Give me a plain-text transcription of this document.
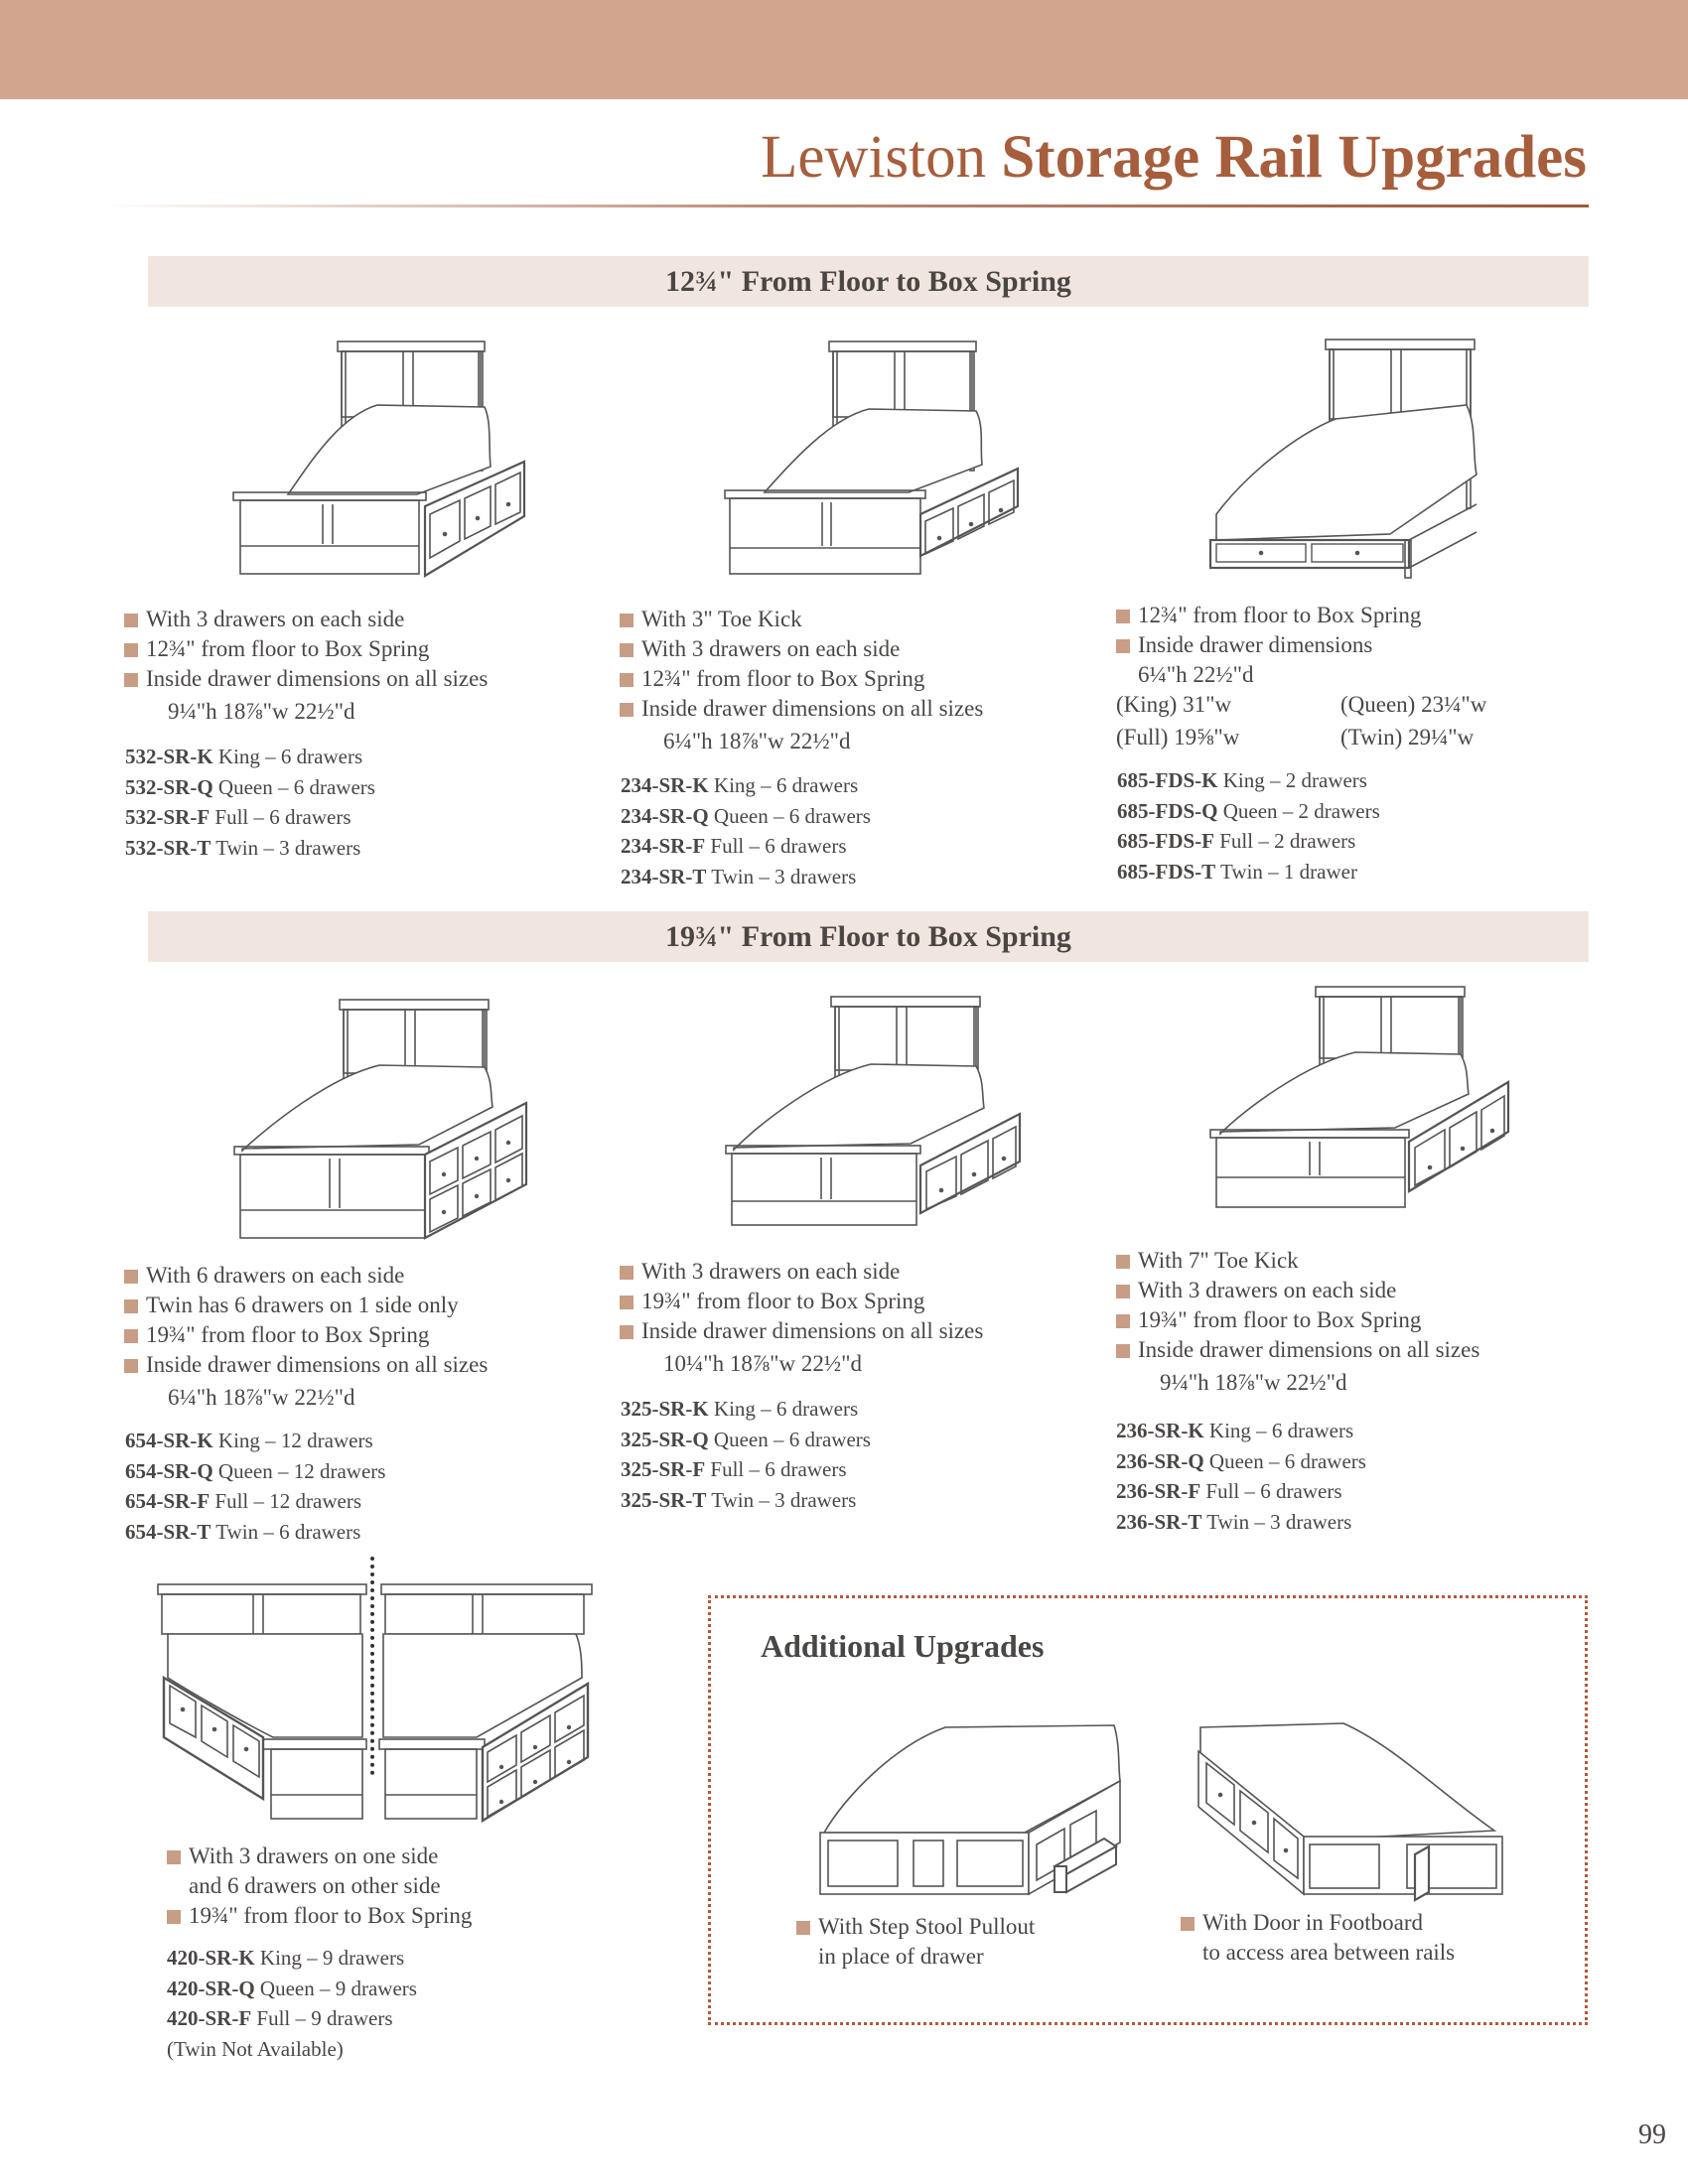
Lewiston Storage Rail Upgrades
12¾" From Floor to Box Spring
With 3 drawers on each side
12¾" from floor to Box Spring
Inside drawer dimensions on all sizes
9¼"h 18⅞"w 22½"d
532-SR-K King – 6 drawers
532-SR-Q Queen – 6 drawers
532-SR-F Full – 6 drawers
532-SR-T Twin – 3 drawers
With 3" Toe Kick
With 3 drawers on each side
12¾" from floor to Box Spring
Inside drawer dimensions on all sizes
6¼"h 18⅞"w 22½"d
234-SR-K King – 6 drawers
234-SR-Q Queen – 6 drawers
234-SR-F Full – 6 drawers
234-SR-T Twin – 3 drawers
12¾" from floor to Box Spring
Inside drawer dimensions
6¼"h 22½"d
(King) 31"w	(Queen) 23¼"w
(Full) 19⅝"w	(Twin) 29¼"w
685-FDS-K King – 2 drawers
685-FDS-Q Queen – 2 drawers
685-FDS-F Full – 2 drawers
685-FDS-T Twin – 1 drawer
19¾" From Floor to Box Spring
With 6 drawers on each side
Twin has 6 drawers on 1 side only
19¾" from floor to Box Spring
Inside drawer dimensions on all sizes
6¼"h 18⅞"w 22½"d
654-SR-K King – 12 drawers
654-SR-Q Queen – 12 drawers
654-SR-F Full – 12 drawers
654-SR-T Twin – 6 drawers
With 3 drawers on each side
19¾" from floor to Box Spring
Inside drawer dimensions on all sizes
10¼"h 18⅞"w 22½"d
325-SR-K King – 6 drawers
325-SR-Q Queen – 6 drawers
325-SR-F Full – 6 drawers
325-SR-T Twin – 3 drawers
With 7" Toe Kick
With 3 drawers on each side
19¾" from floor to Box Spring
Inside drawer dimensions on all sizes
9¼"h 18⅞"w 22½"d
236-SR-K King – 6 drawers
236-SR-Q Queen – 6 drawers
236-SR-F Full – 6 drawers
236-SR-T Twin – 3 drawers
With 3 drawers on one side
and 6 drawers on other side
19¾" from floor to Box Spring
420-SR-K King – 9 drawers
420-SR-Q Queen – 9 drawers
420-SR-F Full – 9 drawers
(Twin Not Available)
Additional Upgrades
With Step Stool Pullout
in place of drawer
With Door in Footboard
to access area between rails
99
